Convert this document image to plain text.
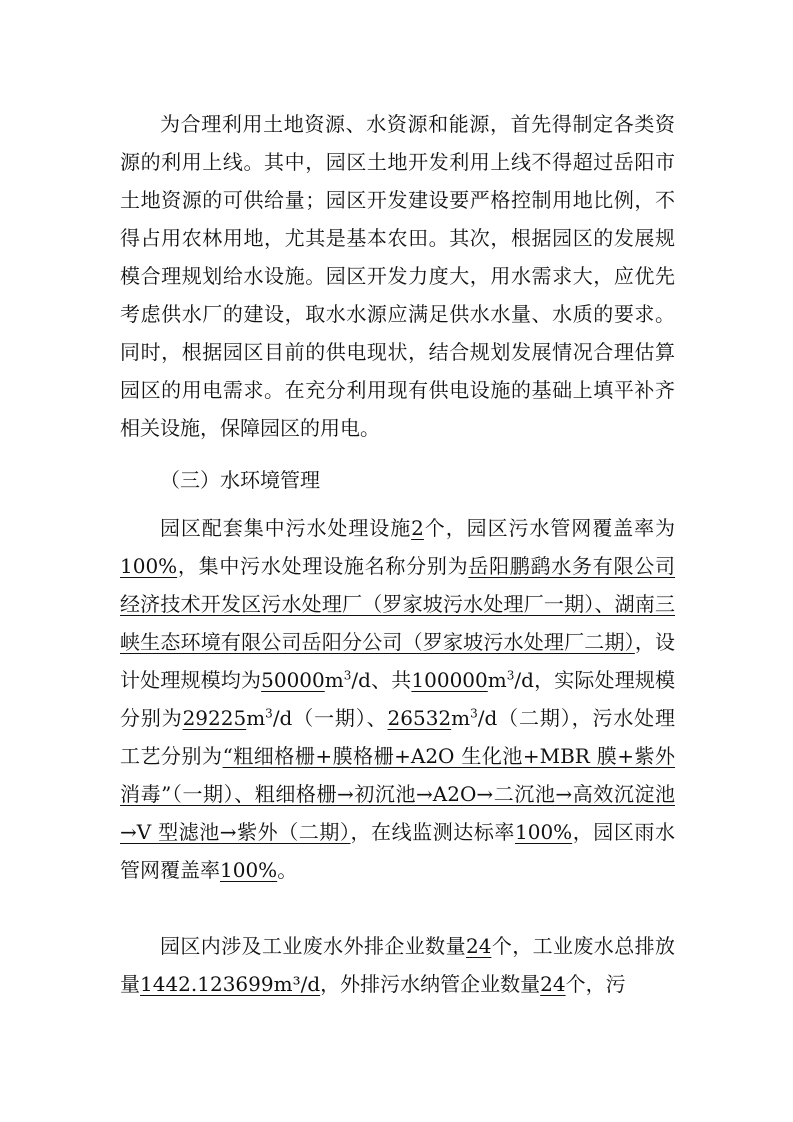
为合理利用土地资源、水资源和能源，首先得制定各类资源的利用上线。其中，园区土地开发利用上线不得超过岳阳市土地资源的可供给量；园区开发建设要严格控制用地比例，不得占用农林用地，尤其是基本农田。其次，根据园区的发展规模合理规划给水设施。园区开发力度大，用水需求大，应优先考虑供水厂的建设，取水水源应满足供水水量、水质的要求。同时，根据园区目前的供电现状，结合规划发展情况合理估算园区的用电需求。在充分利用现有供电设施的基础上填平补齐相关设施，保障园区的用电。

（三）水环境管理

园区配套集中污水处理设施2个，园区污水管网覆盖率为100%，集中污水处理设施名称分别为岳阳鹏鹞水务有限公司经济技术开发区污水处理厂（罗家坡污水处理厂一期）、湖南三峡生态环境有限公司岳阳分公司（罗家坡污水处理厂二期），设计处理规模均为$50000m^3/d$、共$100000m^3/d$，实际处理规模分别为$29225m^3/d$（一期）、$26532m^3/d$（二期），污水处理工艺分别为“粗细格栅+膜格栅+A2O 生化池+MBR 膜+紫外消毒”（一期）、粗细格栅→初沉池→A2O→二沉池→高效沉淀池→V 型滤池→紫外（二期），在线监测达标率100%，园区雨水管网覆盖率100%。

园区内涉及工业废水外排企业数量24个，工业废水总排放量1442.123699m³/d，外排污水纳管企业数量24个，污
